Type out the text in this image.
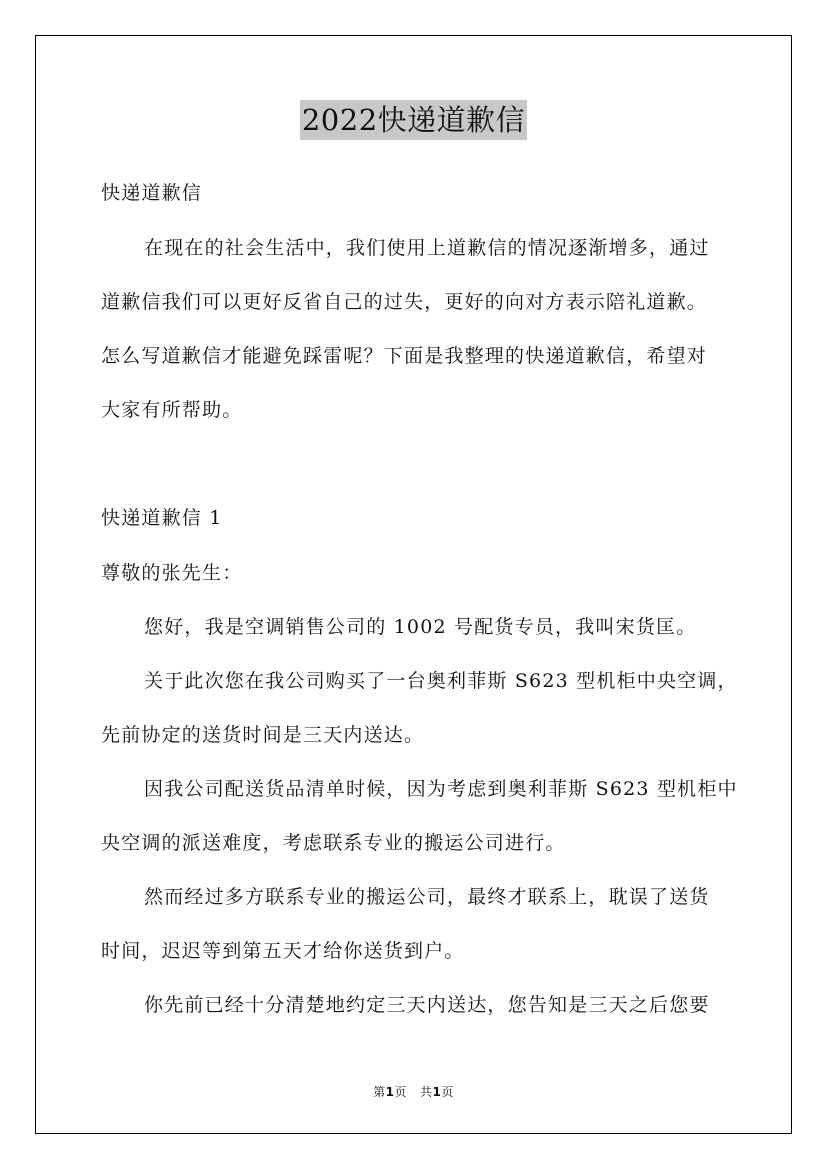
2022快递道歉信
快递道歉信
在现在的社会生活中，我们使用上道歉信的情况逐渐增多，通过
道歉信我们可以更好反省自己的过失，更好的向对方表示陪礼道歉。
怎么写道歉信才能避免踩雷呢？下面是我整理的快递道歉信，希望对
大家有所帮助。
快递道歉信 1
尊敬的张先生：
您好，我是空调销售公司的 1002 号配货专员，我叫宋货匡。
关于此次您在我公司购买了一台奥利菲斯 S623 型机柜中央空调，
先前协定的送货时间是三天内送达。
因我公司配送货品清单时候，因为考虑到奥利菲斯 S623 型机柜中
央空调的派送难度，考虑联系专业的搬运公司进行。
然而经过多方联系专业的搬运公司，最终才联系上，耽误了送货
时间，迟迟等到第五天才给你送货到户。
你先前已经十分清楚地约定三天内送达，您告知是三天之后您要
第1页 共1页
